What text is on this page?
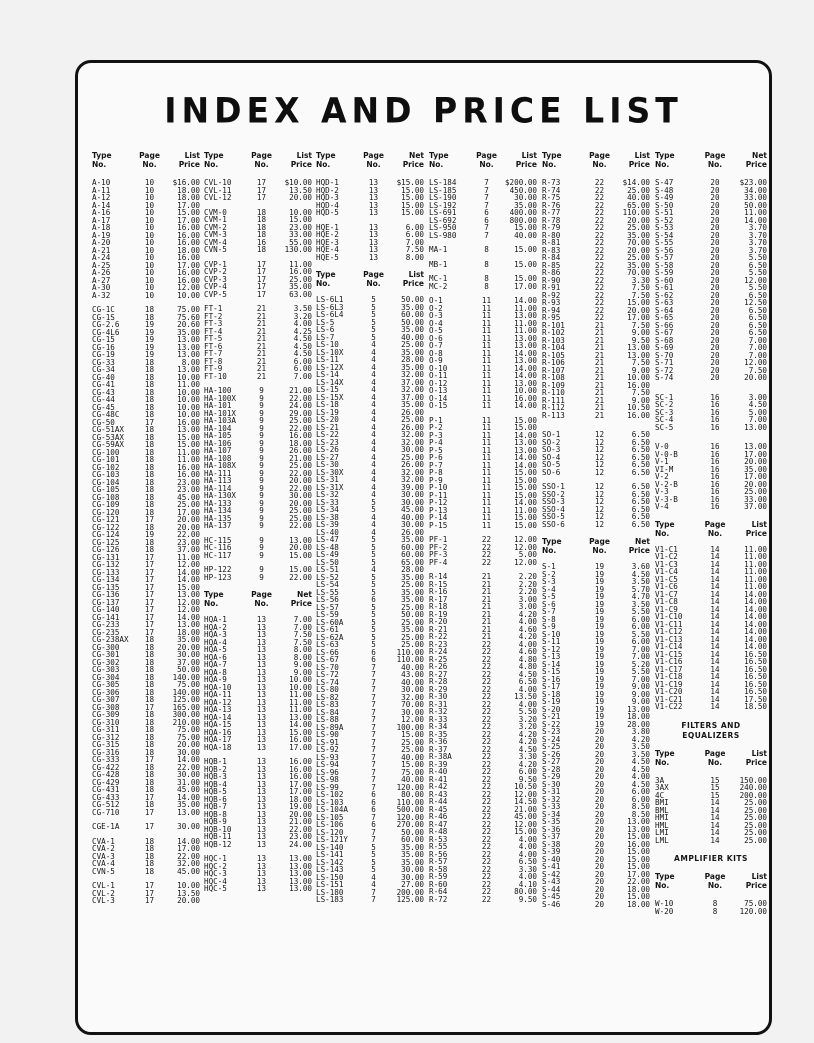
INDEX AND PRICE LIST
Type
No.
Page
No.
List
Price
A-10	10	$16.00
A-11	10	18.00
A-12	10	18.00
A-14	10	17.00
A-16	10	15.00
A-17	10	17.00
A-18	10	16.00
A-19	10	16.00
A-20	10	16.00
A-21	10	18.00
A-24	10	16.00
A-25	10	17.00
A-26	10	16.00
A-27	10	16.00
A-30	10	12.00
A-32	10	10.00
CG-1C	18	75.00
CG-1S	18	75.60
CG-2.6	19	20.60
CG-4L6	19	35.00
CG-15	19	13.00
CG-16	19	13.00
CG-19	19	13.00
CG-33	18	8.00
CG-34	18	13.00
CG-40	18	10.00
CG-41	18	11.00
CG-43	18	10.00
CG-44	18	10.00
CG-45	18	10.00
CG-48C	18	10.00
CG-50	17	16.00
CG-51AX	18	13.00
CG-53AX	18	15.00
CG-59AX	18	15.00
CG-100	18	11.00
CG-101	18	11.00
CG-102	18	16.00
CG-103	18	16.00
CG-104	18	23.00
CG-105	18	23.00
CG-108	18	45.00
CG-109	18	25.00
CG-120	18	17.00
CG-121	17	20.00
CG-122	18	20.00
CG-124	19	22.00
CG-125	18	23.00
CG-126	18	37.00
CG-131	17	11.00
CG-132	17	12.00
CG-133	17	14.00
CG-134	17	14.00
CG-135	17	15.00
CG-136	17	13.00
CG-137	17	12.00
CG-140	17	12.00
CG-141	17	14.00
CG-233	17	13.00
CG-235	17	18.00
CG-238AX	18	35.00
CG-300	18	20.00
CG-301	18	30.00
CG-302	18	37.00
CG-303	18	50.00
CG-304	18	140.00
CG-305	18	75.00
CG-306	18	140.00
CG-307	18	125.00
CG-308	17	165.00
CG-309	18	300.00
CG-310	18	210.00
CG-311	18	75.00
CG-312	18	75.00
CG-315	18	20.00
CG-316	18	30.00
CG-333	17	14.00
CG-422	18	22.00
CG-428	18	30.00
CG-429	18	31.00
CG-431	18	45.00
CG-433	17	14.00
CG-512	18	35.00
CG-710	17	13.00
CGE-1A	17	30.00
CVA-1	18	14.00
CVA-2	18	17.00
CVA-3	18	22.00
CVA-4	18	32.00
CVN-5	18	45.00
CVL-1	17	10.00
CVL-2	17	13.50
CVL-3	17	20.00
Type
No.
Page
No.
List
Price
CVL-10	17	$10.00
CVL-11	17	13.50
CVL-12	17	20.00
CVM-0	18	10.00
CVM-1	18	15.00
CVM-2	18	23.00
CVM-3	18	33.00
CVM-4	16	55.00
CVN-5	18	130.00
CVP-1	17	11.00
CVP-2	17	16.00
CVP-3	17	25.00
CVP-4	17	35.00
CVP-5	17	63.00
FT-1	21	3.50
FT-2	21	3.20
FT-3	21	4.00
FT-4	21	4.25
FT-5	21	4.50
FT-6	21	4.50
FT-7	21	4.50
FT-8	21	6.00
FT-9	21	6.00
FT-10	21	7.00
HA-100	9	21.00
HA-100X	9	22.00
HA-101	9	24.00
HA-101X	9	29.00
HA-103A	9	25.00
HA-104	9	22.00
HA-105	9	16.00
HA-106	9	18.00
HA-107	9	26.00
HA-108	9	21.00
HA-108X	9	25.00
HA-111	9	22.00
HA-113	9	20.00
HA-114	9	22.00
HA-130X	9	30.00
HA-133	9	20.00
HA-134	9	25.00
HA-135	9	25.00
HA-137	9	22.00
HC-115	9	13.00
HC-116	9	20.00
HC-117	9	15.00
HP-122	9	15.00
HP-123	9	22.00
Type
No.
Page
No.
Net
Price
HQA-1	13	7.00
HQA-2	13	7.00
HQA-3	13	7.50
HQA-4	13	7.50
HQA-5	13	8.00
HQA-6	13	8.00
HQA-7	13	9.00
HQA-8	13	9.00
HQA-9	13	10.00
HQA-10	13	10.00
HQA-11	13	11.00
HQA-12	13	11.00
HQA-13	13	11.00
HQA-14	13	13.00
HQA-15	13	14.00
HQA-16	13	15.00
HQA-17	13	16.00
HQA-18	13	17.00
HQB-1	13	16.00
HQB-2	13	16.00
HQB-3	13	16.00
HQB-4	13	17.00
HQB-5	13	17.00
HQB-6	13	18.00
HQB-7	13	19.00
HQB-8	13	20.00
HQB-9	13	21.00
HQB-10	13	22.00
HQB-11	13	23.00
HQB-12	13	24.00
HQC-1	13	13.00
HQC-2	13	13.00
HQC-3	13	13.00
HQC-4	13	13.00
HQC-5	13	13.00
Type
No.
Page
No.
Net
Price
HQD-1	13	$15.00
HQD-2	13	15.00
HQD-3	13	15.00
HQD-4	13	15.00
HQD-5	13	15.00
HQE-1	13	6.00
HQE-2	13	6.00
HQE-3	13	7.00
HQE-4	13	7.50
HQE-5	13	8.00
Type
No.
Page
No.
List
Price
LS-6L1	5	50.00
LS-6L3	5	35.00
LS-6L4	5	60.00
LS-5	5	50.00
LS-6	5	35.00
LS-7	5	40.00
LS-10	4	25.00
LS-10X	4	35.00
LS-11	4	28.00
LS-12X	4	35.00
LS-14	4	32.00
LS-14X	4	37.00
LS-15	4	32.00
LS-15X	4	37.00
LS-18	4	35.00
LS-19	4	26.00
LS-20	4	25.00
LS-21	4	26.00
LS-22	4	32.00
LS-23	4	32.00
LS-26	4	30.00
LS-27	4	25.00
LS-30	4	26.00
LS-30X	4	32.00
LS-31	4	32.00
LS-31X	4	39.00
LS-32	4	30.00
LS-33	5	30.00
LS-34	5	45.00
LS-38	4	40.00
LS-39	4	30.00
LS-40	4	26.00
LS-47	5	35.00
LS-48	5	60.00
LS-49	5	60.00
LS-50	5	65.00
LS-51	4	28.00
LS-52	5	35.00
LS-54	5	25.00
LS-55	5	35.00
LS-56	6	35.00
LS-57	5	25.00
LS-59	5	50.00
LS-60A	5	25.00
LS-61	5	35.00
LS-62A	5	25.00
LS-63	5	25.00
LS-66	6	110.00
LS-67	6	110.00
LS-70	7	40.00
LS-72	7	43.00
LS-74	7	40.00
LS-80	7	30.00
LS-82	7	32.00
LS-83	7	70.00
LS-84	7	30.00
LS-88	7	12.00
LS-89A	7	100.00
LS-90	7	15.00
LS-91	7	25.00
LS-92	7	25.00
LS-93	7	40.00
LS-94	7	15.00
LS-96	7	75.00
LS-98	7	40.00
LS-99	7	120.00
LS-102	6	80.00
LS-103	6	110.00
LS-104A	6	500.00
LS-105	7	120.00
LS-106	6	270.00
LS-120	7	50.00
LS-121Y	7	60.00
LS-140	5	35.00
LS-141	5	35.00
LS-142	5	35.00
LS-143	5	30.00
LS-150	4	30.00
LS-151	4	27.00
LS-180	7	200.00
LS-183	7	125.00
Type
No.
Page
No.
List
Price
LS-184	7	$200.00
LS-185	7	450.00
LS-190	7	30.00
LS-192	7	35.00
LS-691	6	400.00
LS-692	6	800.00
LS-950	7	15.00
LS-980	7	40.00
MA-1	8	15.00
MB-1	8	15.00
MC-1	8	15.00
MC-2	8	17.00
O-1	11	14.00
O-2	11	11.00
O-3	11	13.00
O-4	11	11.00
O-5	11	11.00
O-6	11	13.00
O-7	11	13.00
O-8	11	14.00
O-9	11	13.00
O-10	11	14.00
O-11	11	14.00
O-12	11	13.00
O-13	11	10.00
O-14	11	16.00
O-15	11	14.00
P-1	11	15.00
P-2	11	15.00
P-3	11	14.00
P-4	11	13.00
P-5	11	13.00
P-6	11	14.00
P-7	11	14.00
P-8	11	15.00
P-9	11	15.00
P-10	11	15.00
P-11	11	15.00
P-12	11	14.00
P-13	11	11.00
P-14	11	15.00
P-15	11	15.00
PF-1	22	12.00
PF-2	22	12.00
PF-3	22	5.00
PF-4	22	12.00
R-14	21	2.20
R-15	21	2.20
R-16	21	2.20
R-17	21	3.00
R-18	21	3.00
R-19	21	4.20
R-20	21	4.00
R-21	21	4.60
R-22	21	4.20
R-23	22	4.00
R-24	22	4.60
R-25	22	4.80
R-26	22	4.80
R-27	22	4.50
R-28	22	6.50
R-29	22	4.00
R-30	22	13.50
R-31	22	4.00
R-32	22	5.50
R-33	22	3.20
R-34	22	3.20
R-35	22	4.20
R-36	22	4.20
R-37	22	4.50
R-38A	22	3.30
R-39	22	4.20
R-40	22	6.00
R-41	22	9.50
R-42	22	10.50
R-43	22	12.00
R-44	22	14.50
R-45	22	21.00
R-46	22	45.00
R-47	22	12.00
R-48	22	15.00
R-53	22	4.00
R-55	22	4.00
R-56	22	4.00
R-57	22	6.50
R-58	22	3.30
R-59	22	4.00
R-60	22	4.10
R-64	22	80.00
R-72	22	9.50
Type
No.
Page
No.
List
Price
R-73	22	$14.00
R-74	22	25.00
R-75	22	40.00
R-76	22	65.00
R-77	22	110.00
R-78	22	20.00
R-79	22	25.00
R-80	22	35.00
R-81	22	70.00
R-83	22	20.00
R-84	22	25.00
R-85	22	35.00
R-86	22	70.00
R-90	22	3.30
R-91	22	7.50
R-92	22	7.50
R-93	22	15.00
R-94	22	20.00
R-95	22	17.00
R-101	21	7.50
R-102	21	9.00
R-103	21	9.50
R-104	21	13.00
R-105	21	13.00
R-106	21	7.50
R-107	21	9.00
R-108	21	10.00
R-109	21	16.00
R-110	21	7.50
R-111	21	9.00
R-112	21	10.50
R-113	21	16.00
SO-1	12	6.50
SO-2	12	6.50
SO-3	12	6.50
SO-4	12	6.50
SO-5	12	6.50
SO-6	12	6.50
SSO-1	12	6.50
SSO-2	12	6.50
SSO-3	12	6.50
SSO-4	12	6.50
SSO-5	12	6.50
SSO-6	12	6.50
Type
No.
Page
No.
Net
Price
S-1	19	3.60
S-2	19	4.50
S-3	19	3.50
S-4	19	5.70
S-5	19	4.70
S-6	19	3.50
S-7	19	5.50
S-8	19	6.00
S-9	19	6.00
S-10	19	5.50
S-11	19	6.00
S-12	19	7.00
S-13	19	7.00
S-14	19	5.20
S-15	19	5.50
S-16	19	7.00
S-17	19	9.00
S-18	19	9.00
S-19	19	9.00
S-20	19	13.00
S-21	19	18.00
S-22	19	28.00
S-23	20	3.80
S-24	20	4.20
S-25	20	3.50
S-26	20	3.50
S-27	20	4.50
S-28	20	4.50
S-29	20	4.00
S-30	20	4.50
S-31	20	6.00
S-32	20	6.00
S-33	20	8.50
S-34	20	8.50
S-35	20	13.00
S-36	20	13.00
S-37	20	15.00
S-38	20	16.00
S-39	20	15.00
S-40	20	15.00
S-41	20	15.00
S-42	20	17.00
S-43	20	22.00
S-44	20	18.00
S-45	20	15.00
S-46	20	18.00
Type
No.
Page
No.
Net
Price
S-47	20	$23.00
S-48	20	34.00
S-49	20	33.00
S-50	20	50.00
S-51	20	11.00
S-52	20	14.00
S-53	20	3.70
S-54	20	3.70
S-55	20	3.70
S-56	20	3.70
S-57	20	5.50
S-58	20	6.50
S-59	20	5.50
S-60	20	12.00
S-61	20	5.50
S-62	20	6.50
S-63	20	12.50
S-64	20	6.50
S-65	20	6.50
S-66	20	6.50
S-67	20	6.50
S-68	20	7.00
S-69	20	7.00
S-70	20	7.00
S-71	20	12.00
S-72	20	7.50
S-74	20	20.00
SC-1	16	3.00
SC-2	16	4.50
SC-3	16	5.00
SC-4	16	7.00
SC-5	16	13.00
V-0	16	13.00
V-0-B	16	17.00
V-1	16	20.00
VI-M	16	35.00
V-2	16	17.00
V-2-B	16	20.00
V-3	16	25.00
V-3-B	16	33.00
V-4	16	37.00
Type
No.
Page
No.
List
Price
V1-C1	14	11.00
V1-C2	14	11.00
V1-C3	14	11.00
V1-C4	14	11.00
V1-C5	14	11.00
V1-C6	14	11.00
V1-C7	14	14.00
V1-C8	14	14.00
V1-C9	14	14.00
V1-C10	14	14.00
V1-C11	14	14.00
V1-C12	14	14.00
V1-C13	14	14.00
V1-C14	14	14.00
V1-C15	14	16.50
V1-C16	14	16.50
V1-C17	14	16.50
V1-C18	14	16.50
V1-C19	14	16.50
V1-C20	14	16.50
V1-C21	14	17.50
V1-C22	14	18.50
FILTERS AND EQUALIZERS
Type
No.
Page
No.
List
Price
3A	15	150.00
3AX	15	240.00
4C	15	200.00
BMI	14	25.00
BML	14	25.00
HMI	14	25.00
HML	14	25.00
LMI	14	25.00
LML	14	25.00
AMPLIFIER KITS
Type
No.
Page
No.
List
Price
W-10	8	75.00
W-20	8	120.00
